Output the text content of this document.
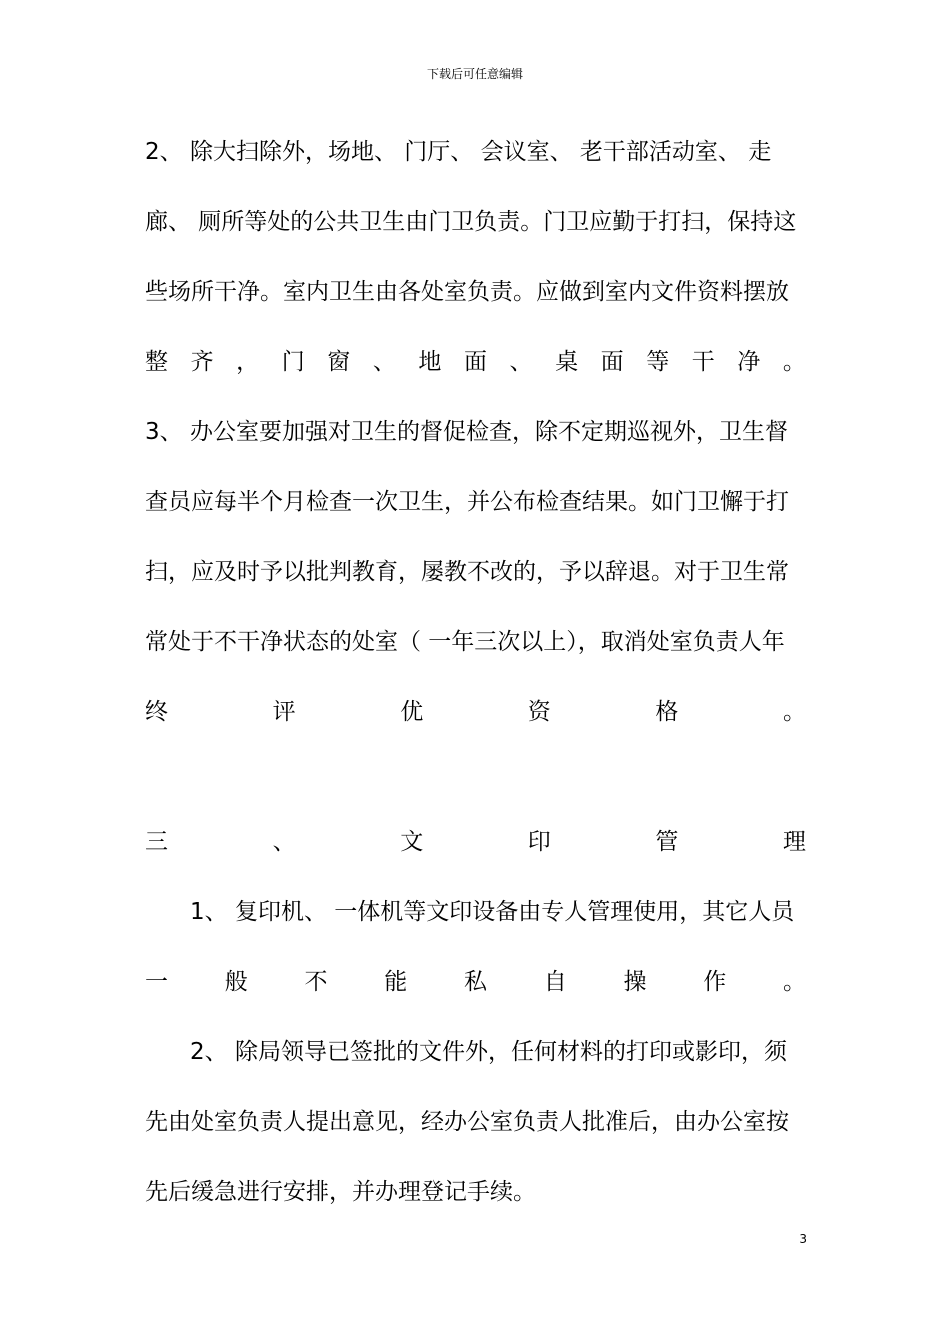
下载后可任意编辑
2、 除大扫除外，场地、 门厅、 会议室、 老干部活动室、 走
廊、 厕所等处的公共卫生由门卫负责。门卫应勤于打扫，保持这
些场所干净。室内卫生由各处室负责。应做到室内文件资料摆放
整 齐 ， 门 窗 、 地 面 、 桌 面 等 干 净 。
3、 办公室要加强对卫生的督促检查，除不定期巡视外，卫生督
查员应每半个月检查一次卫生，并公布检查结果。如门卫懈于打
扫，应及时予以批判教育，屡教不改的，予以辞退。对于卫生常
常处于不干净状态的处室（ 一年三次以上），取消处室负责人年
终	评	优	资	格	。
三	、	文	印	管	理
1、 复印机、 一体机等文印设备由专人管理使用，其它人员
一 般 不 能 私 自 操 作 。
2、 除局领导已签批的文件外，任何材料的打印或影印，须
先由处室负责人提出意见，经办公室负责人批准后，由办公室按
先后缓急进行安排，并办理登记手续。
3
